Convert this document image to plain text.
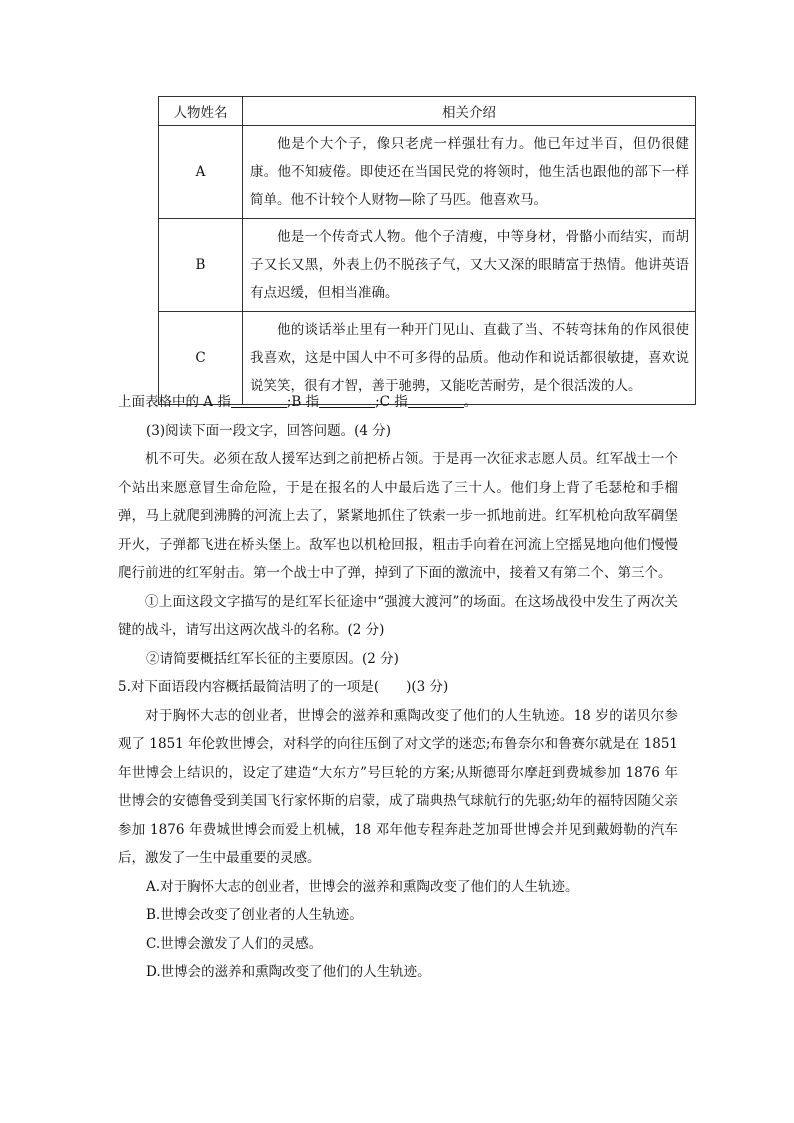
人物姓名	相关介绍
A	他是个大个子，像只老虎一样强壮有力。他已年过半百，但仍很健康。他不知疲倦。即使还在当国民党的将领时，他生活也跟他的部下一样简单。他不计较个人财物—除了马匹。他喜欢马。
B	他是一个传奇式人物。他个子清瘦，中等身材，骨骼小而结实，而胡子又长又黑，外表上仍不脱孩子气，又大又深的眼睛富于热情。他讲英语有点迟缓，但相当准确。
C	他的谈话举止里有一种开门见山、直截了当、不转弯抹角的作风很使我喜欢，这是中国人中不可多得的品质。他动作和说话都很敏捷，喜欢说说笑笑，很有才智，善于驰骋，又能吃苦耐劳，是个很活泼的人。

上面表格中的 A 指	;B 指	;C 指	。

(3)阅读下面一段文字，回答问题。(4 分)

机不可失。必须在敌人援军达到之前把桥占领。于是再一次征求志愿人员。红军战士一个个站出来愿意冒生命危险，于是在报名的人中最后选了三十人。他们身上背了毛瑟枪和手榴弹，马上就爬到沸腾的河流上去了，紧紧地抓住了铁索一步一抓地前进。红军机枪向敌军碉堡开火，子弹都飞进在桥头堡上。敌军也以机枪回报，粗击手向着在河流上空摇晃地向他们慢慢爬行前进的红军射击。第一个战士中了弹，掉到了下面的激流中，接着又有第二个、第三个。

①上面这段文字描写的是红军长征途中“强渡大渡河”的场面。在这场战役中发生了两次关键的战斗，请写出这两次战斗的名称。(2 分)

②请简要概括红军长征的主要原因。(2 分)

5.对下面语段内容概括最简洁明了的一项是(　　)(3 分)

对于胸怀大志的创业者，世博会的滋养和熏陶改变了他们的人生轨迹。18 岁的诺贝尔参观了 1851 年伦敦世博会，对科学的向往压倒了对文学的迷恋;布鲁奈尔和鲁赛尔就是在 1851 年世博会上结识的，设定了建造“大东方”号巨轮的方案;从斯德哥尔摩赶到费城参加 1876 年世博会的安德鲁受到美国飞行家怀斯的启蒙，成了瑞典热气球航行的先驱;幼年的福特因随父亲参加 1876 年费城世博会而爱上机械，18 邓年他专程奔赴芝加哥世博会并见到戴姆勒的汽车后，激发了一生中最重要的灵感。

A.对于胸怀大志的创业者，世博会的滋养和熏陶改变了他们的人生轨迹。

B.世博会改变了创业者的人生轨迹。

C.世博会激发了人们的灵感。

D.世博会的滋养和熏陶改变了他们的人生轨迹。
